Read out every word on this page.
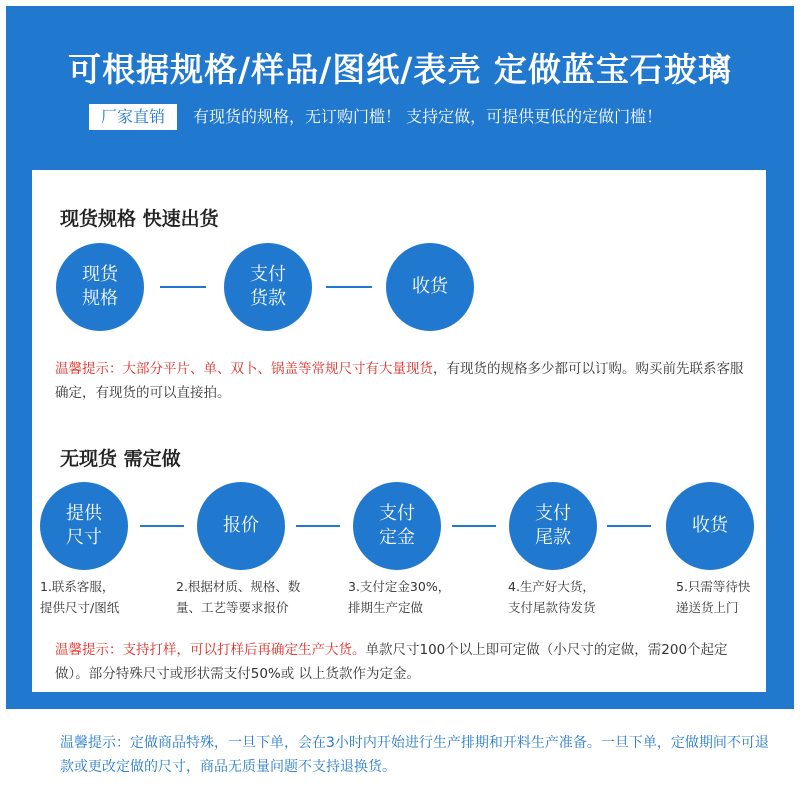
可根据规格/样品/图纸/表壳 定做蓝宝石玻璃
厂家直销	有现货的规格，无订购门槛！ 支持定做，可提供更低的定做门槛！
现货规格 快速出货
现货
规格
支付
货款
收货
温馨提示：大部分平片、单、双卜、锅盖等常规尺寸有大量现货，有现货的规格多少都可以订购。购买前先联系客服确定，有现货的可以直接拍。
无现货 需定做
提供
尺寸
报价
支付
定金
支付
尾款
收货
1.联系客服，
提供尺寸/图纸
2.根据材质、规格、数
量、工艺等要求报价
3.支付定金30%，
排期生产定做
4.生产好大货，
支付尾款待发货
5.只需等待快
递送货上门
温馨提示：支持打样，可以打样后再确定生产大货。单款尺寸100个以上即可定做（小尺寸的定做，需200个起定做）。部分特殊尺寸或形状需支付50%或 以上货款作为定金。
温馨提示：定做商品特殊，一旦下单，会在3小时内开始进行生产排期和开料生产准备。一旦下单，定做期间不可退款或更改定做的尺寸，商品无质量问题不支持退换货。
